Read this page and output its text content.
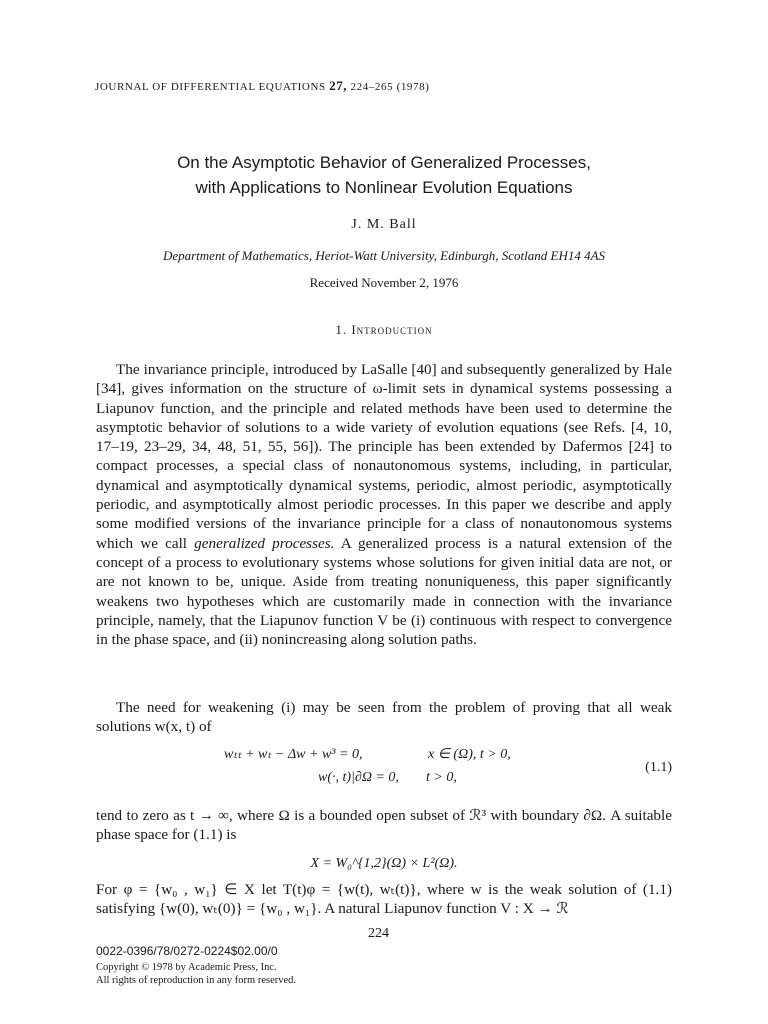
JOURNAL OF DIFFERENTIAL EQUATIONS 27, 224–265 (1978)
On the Asymptotic Behavior of Generalized Processes,
with Applications to Nonlinear Evolution Equations
J. M. Ball
Department of Mathematics, Heriot-Watt University, Edinburgh, Scotland EH14 4AS
Received November 2, 1976
1. Introduction
The invariance principle, introduced by LaSalle [40] and subsequently generalized by Hale [34], gives information on the structure of ω-limit sets in dynamical systems possessing a Liapunov function, and the principle and related methods have been used to determine the asymptotic behavior of solutions to a wide variety of evolution equations (see Refs. [4, 10, 17–19, 23–29, 34, 48, 51, 55, 56]). The principle has been extended by Dafermos [24] to compact processes, a special class of nonautonomous systems, including, in particular, dynamical and asymptotically dynamical systems, periodic, almost periodic, asymptotically periodic, and asymptotically almost periodic processes. In this paper we describe and apply some modified versions of the invariance principle for a class of nonautonomous systems which we call generalized processes. A generalized process is a natural extension of the concept of a process to evolutionary systems whose solutions for given initial data are not, or are not known to be, unique. Aside from treating nonuniqueness, this paper significantly weakens two hypotheses which are customarily made in connection with the invariance principle, namely, that the Liapunov function V be (i) continuous with respect to convergence in the phase space, and (ii) nonincreasing along solution paths.
The need for weakening (i) may be seen from the problem of proving that all weak solutions w(x, t) of
wₜₜ + wₜ − Δw + w³ = 0,	x ∈ (Ω), t > 0,
w(·, t)|∂Ω = 0, t > 0,
(1.1)
tend to zero as t → ∞, where Ω is a bounded open subset of ℛ³ with boundary ∂Ω. A suitable phase space for (1.1) is
X = W₀^{1,2}(Ω) × L²(Ω).
For φ = {w₀ , w₁} ∈ X let T(t)φ = {w(t), wₜ(t)}, where w is the weak solution of (1.1) satisfying {w(0), wₜ(0)} = {w₀ , w₁}. A natural Liapunov function V : X → ℛ
224
0022-0396/78/0272-0224$02.00/0
Copyright © 1978 by Academic Press, Inc.
All rights of reproduction in any form reserved.
